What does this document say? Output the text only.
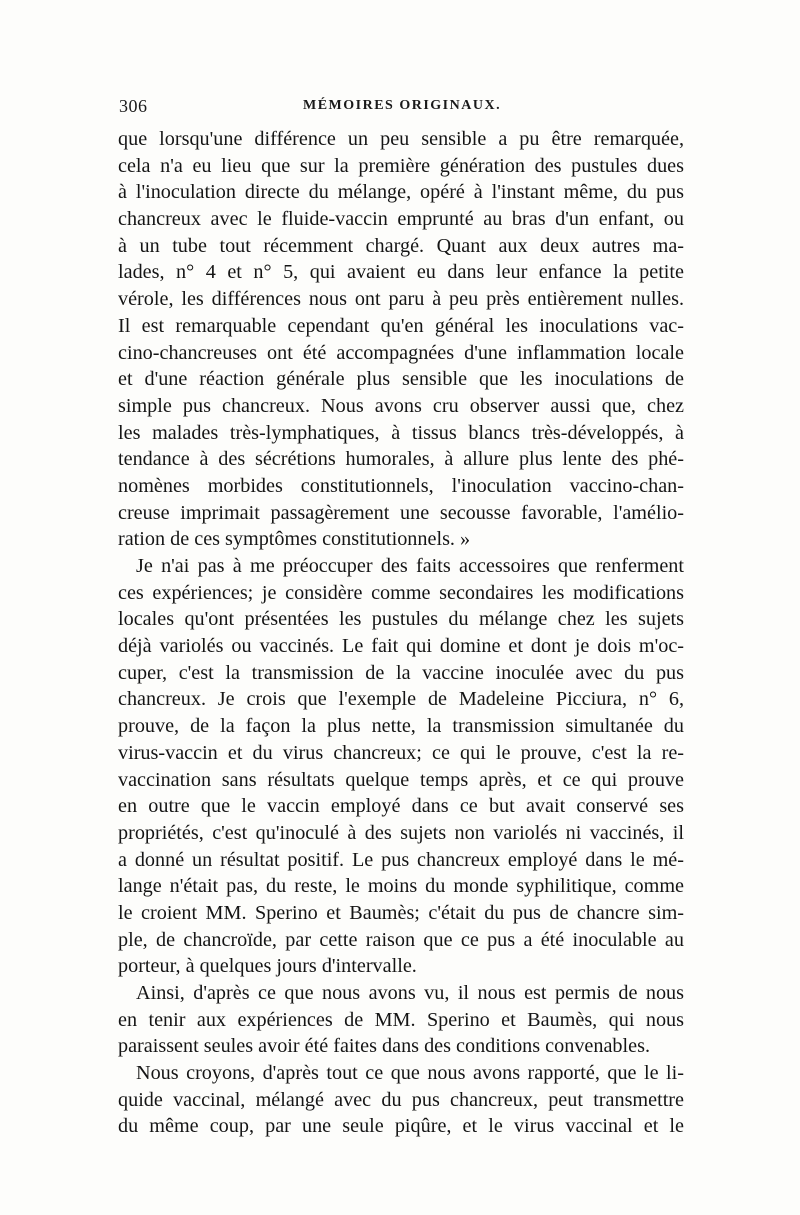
306	MÉMOIRES ORIGINAUX.
que lorsqu'une différence un peu sensible a pu être remarquée,
cela n'a eu lieu que sur la première génération des pustules dues
à l'inoculation directe du mélange, opéré à l'instant même, du pus
chancreux avec le fluide-vaccin emprunté au bras d'un enfant, ou
à un tube tout récemment chargé. Quant aux deux autres ma-
lades, n° 4 et n° 5, qui avaient eu dans leur enfance la petite
vérole, les différences nous ont paru à peu près entièrement nulles.
Il est remarquable cependant qu'en général les inoculations vac-
cino-chancreuses ont été accompagnées d'une inflammation locale
et d'une réaction générale plus sensible que les inoculations de
simple pus chancreux. Nous avons cru observer aussi que, chez
les malades très-lymphatiques, à tissus blancs très-développés, à
tendance à des sécrétions humorales, à allure plus lente des phé-
nomènes morbides constitutionnels, l'inoculation vaccino-chan-
creuse imprimait passagèrement une secousse favorable, l'amélio-
ration de ces symptômes constitutionnels. »
Je n'ai pas à me préoccuper des faits accessoires que renferment
ces expériences; je considère comme secondaires les modifications
locales qu'ont présentées les pustules du mélange chez les sujets
déjà variolés ou vaccinés. Le fait qui domine et dont je dois m'oc-
cuper, c'est la transmission de la vaccine inoculée avec du pus
chancreux. Je crois que l'exemple de Madeleine Picciura, n° 6,
prouve, de la façon la plus nette, la transmission simultanée du
virus-vaccin et du virus chancreux; ce qui le prouve, c'est la re-
vaccination sans résultats quelque temps après, et ce qui prouve
en outre que le vaccin employé dans ce but avait conservé ses
propriétés, c'est qu'inoculé à des sujets non variolés ni vaccinés, il
a donné un résultat positif. Le pus chancreux employé dans le mé-
lange n'était pas, du reste, le moins du monde syphilitique, comme
le croient MM. Sperino et Baumès; c'était du pus de chancre sim-
ple, de chancroïde, par cette raison que ce pus a été inoculable au
porteur, à quelques jours d'intervalle.
Ainsi, d'après ce que nous avons vu, il nous est permis de nous
en tenir aux expériences de MM. Sperino et Baumès, qui nous
paraissent seules avoir été faites dans des conditions convenables.
Nous croyons, d'après tout ce que nous avons rapporté, que le li-
quide vaccinal, mélangé avec du pus chancreux, peut transmettre
du même coup, par une seule piqûre, et le virus vaccinal et le
